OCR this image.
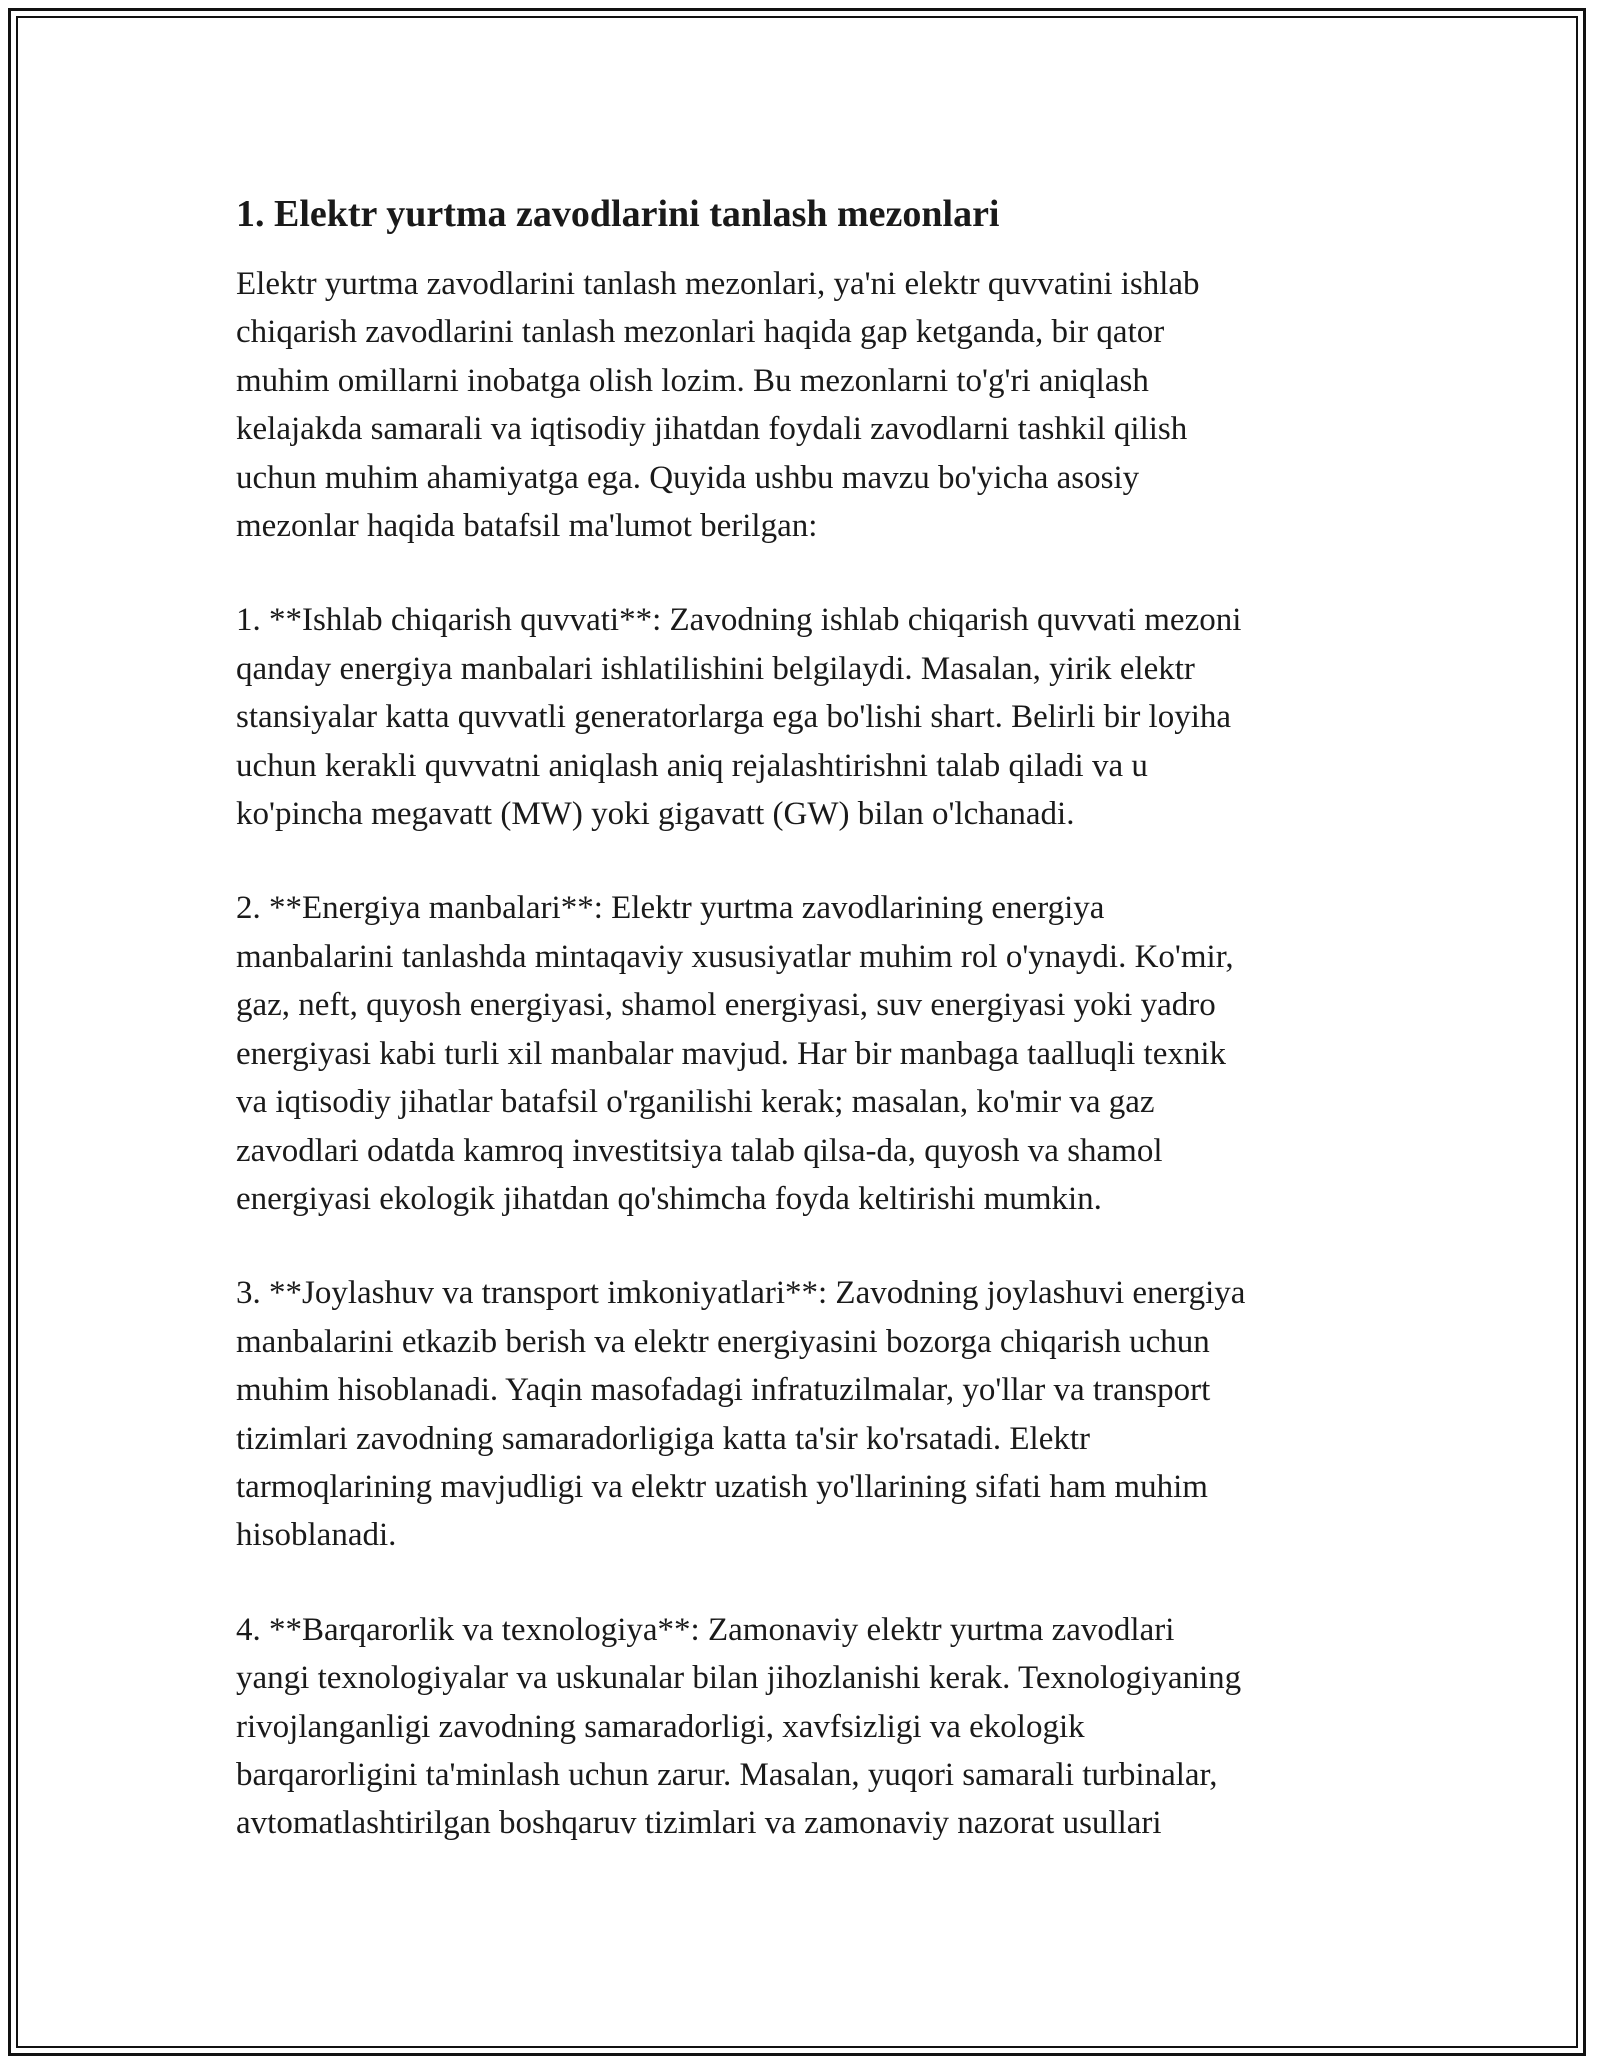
1. Elektr yurtma zavodlarini tanlash mezonlari

Elektr yurtma zavodlarini tanlash mezonlari, ya'ni elektr quvvatini ishlab
chiqarish zavodlarini tanlash mezonlari haqida gap ketganda, bir qator
muhim omillarni inobatga olish lozim. Bu mezonlarni to'g'ri aniqlash
kelajakda samarali va iqtisodiy jihatdan foydali zavodlarni tashkil qilish
uchun muhim ahamiyatga ega. Quyida ushbu mavzu bo'yicha asosiy
mezonlar haqida batafsil ma'lumot berilgan:

1. **Ishlab chiqarish quvvati**: Zavodning ishlab chiqarish quvvati mezoni
qanday energiya manbalari ishlatilishini belgilaydi. Masalan, yirik elektr
stansiyalar katta quvvatli generatorlarga ega bo'lishi shart. Belirli bir loyiha
uchun kerakli quvvatni aniqlash aniq rejalashtirishni talab qiladi va u
ko'pincha megavatt (MW) yoki gigavatt (GW) bilan o'lchanadi.

2. **Energiya manbalari**: Elektr yurtma zavodlarining energiya
manbalarini tanlashda mintaqaviy xususiyatlar muhim rol o'ynaydi. Ko'mir,
gaz, neft, quyosh energiyasi, shamol energiyasi, suv energiyasi yoki yadro
energiyasi kabi turli xil manbalar mavjud. Har bir manbaga taalluqli texnik
va iqtisodiy jihatlar batafsil o'rganilishi kerak; masalan, ko'mir va gaz
zavodlari odatda kamroq investitsiya talab qilsa-da, quyosh va shamol
energiyasi ekologik jihatdan qo'shimcha foyda keltirishi mumkin.

3. **Joylashuv va transport imkoniyatlari**: Zavodning joylashuvi energiya
manbalarini etkazib berish va elektr energiyasini bozorga chiqarish uchun
muhim hisoblanadi. Yaqin masofadagi infratuzilmalar, yo'llar va transport
tizimlari zavodning samaradorligiga katta ta'sir ko'rsatadi. Elektr
tarmoqlarining mavjudligi va elektr uzatish yo'llarining sifati ham muhim
hisoblanadi.

4. **Barqarorlik va texnologiya**: Zamonaviy elektr yurtma zavodlari
yangi texnologiyalar va uskunalar bilan jihozlanishi kerak. Texnologiyaning
rivojlanganligi zavodning samaradorligi, xavfsizligi va ekologik
barqarorligini ta'minlash uchun zarur. Masalan, yuqori samarali turbinalar,
avtomatlashtirilgan boshqaruv tizimlari va zamonaviy nazorat usullari
